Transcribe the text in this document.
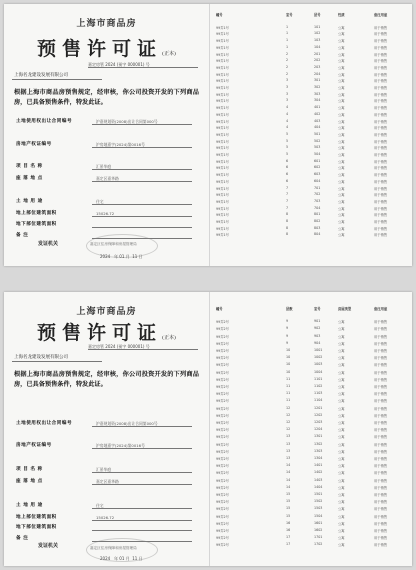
上海市商品房
预售许可证(正本)
嘉定房管 2024 (预字 000001) 号
上海名龙建设发展有限公司
根据上海市商品房预售规定，经审核，你公司投资开发的下列商品房，已具备预售条件，特发此证。
土地使用权出让合同编号	沪嘉规划资(2008)出让合同第000号
房地产权证编号	沪房地嘉字(2024)第0016号
项 目 名 称	汇景华庭
座 落 地 点	嘉定区嘉华路
土 地 用 途	住宅
地上部位建筑面积	15026.72
地下部位建筑面积
备 注
发证机关	嘉定区住房保障和房屋管理局
2024 年 01 月 11 日
幢号	室号	层号	性质	备注用途
99弄1号	1	101	公寓	用于销售
99弄1号	1	102	公寓	用于销售
99弄1号	1	103	公寓	用于销售
99弄1号	1	104	公寓	用于销售
99弄1号	2	201	公寓	用于销售
99弄1号	2	202	公寓	用于销售
99弄1号	2	203	公寓	用于销售
99弄1号	2	204	公寓	用于销售
99弄1号	3	301	公寓	用于销售
99弄1号	3	302	公寓	用于销售
99弄1号	3	303	公寓	用于销售
99弄1号	3	304	公寓	用于销售
99弄1号	4	401	公寓	用于销售
99弄1号	4	402	公寓	用于销售
99弄1号	4	403	公寓	用于销售
99弄1号	4	404	公寓	用于销售
99弄1号	5	501	公寓	用于销售
99弄1号	5	502	公寓	用于销售
99弄1号	5	503	公寓	用于销售
99弄1号	5	504	公寓	用于销售
99弄1号	6	601	公寓	用于销售
99弄1号	6	602	公寓	用于销售
99弄1号	6	603	公寓	用于销售
99弄1号	6	604	公寓	用于销售
99弄1号	7	701	公寓	用于销售
99弄1号	7	702	公寓	用于销售
99弄1号	7	703	公寓	用于销售
99弄1号	7	704	公寓	用于销售
99弄1号	8	801	公寓	用于销售
99弄1号	8	802	公寓	用于销售
99弄1号	8	803	公寓	用于销售
99弄1号	8	804	公寓	用于销售
上海市商品房
预售许可证(正本)
嘉定房管 2024 (预字 000001) 号
上海名龙建设发展有限公司
根据上海市商品房预售规定，经审核，你公司投资开发的下列商品房，已具备预售条件，特发此证。
土地使用权出让合同编号	沪嘉规划资(2008)出让合同第000号
房地产权证编号	沪房地嘉字(2024)第0016号
项 目 名 称	汇景华庭
座 落 地 点	嘉定区嘉华路
土 地 用 途	住宅
地上部位建筑面积	15026.72
地下部位建筑面积
备 注
发证机关	嘉定区住房保障和房屋管理局
2024 年 01 月 11 日
幢号	层数	室号	房屋类型	备注用途
99弄2号	9	901	公寓	用于销售
99弄2号	9	902	公寓	用于销售
99弄2号	9	903	公寓	用于销售
99弄2号	9	904	公寓	用于销售
99弄2号	10	1001	公寓	用于销售
99弄2号	10	1002	公寓	用于销售
99弄2号	10	1003	公寓	用于销售
99弄2号	10	1004	公寓	用于销售
99弄2号	11	1101	公寓	用于销售
99弄2号	11	1102	公寓	用于销售
99弄2号	11	1103	公寓	用于销售
99弄2号	11	1104	公寓	用于销售
99弄2号	12	1201	公寓	用于销售
99弄2号	12	1202	公寓	用于销售
99弄2号	12	1203	公寓	用于销售
99弄2号	12	1204	公寓	用于销售
99弄2号	13	1301	公寓	用于销售
99弄2号	13	1302	公寓	用于销售
99弄2号	13	1303	公寓	用于销售
99弄2号	13	1304	公寓	用于销售
99弄2号	14	1401	公寓	用于销售
99弄2号	14	1402	公寓	用于销售
99弄2号	14	1403	公寓	用于销售
99弄2号	14	1404	公寓	用于销售
99弄2号	15	1501	公寓	用于销售
99弄2号	15	1502	公寓	用于销售
99弄2号	15	1503	公寓	用于销售
99弄2号	15	1504	公寓	用于销售
99弄2号	16	1601	公寓	用于销售
99弄2号	16	1602	公寓	用于销售
99弄2号	17	1701	公寓	用于销售
99弄2号	17	1702	公寓	用于销售
